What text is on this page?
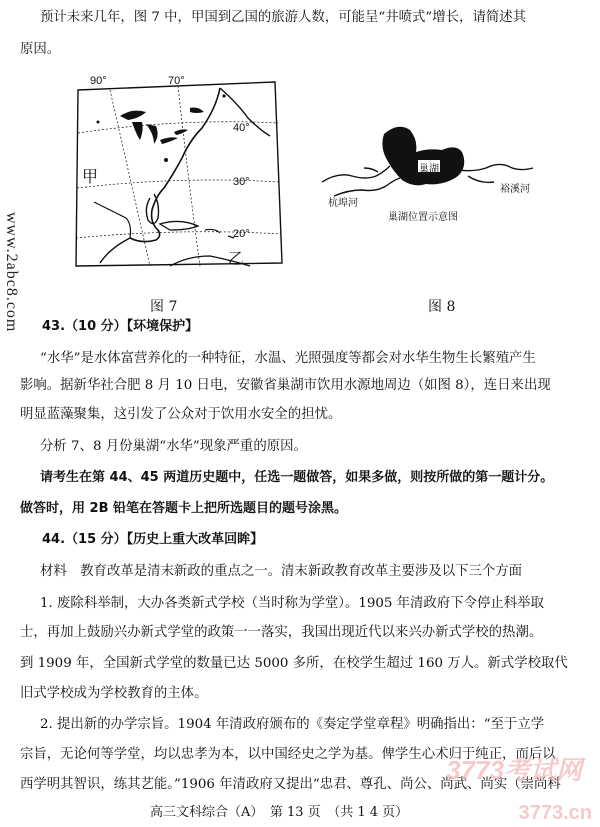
预计未来几年，图 7 中，甲国到乙国的旅游人数，可能呈“井喷式”增长，请简述其
原因。
90°	70°
40°
30°
20°
甲
乙
图 7
巢湖
杭埠河
裕溪河
巢湖位置示意图
图 8
www.2abc8.com 43.（10 分）【环境保护】
“水华”是水体富营养化的一种特征，水温、光照强度等都会对水华生物生长繁殖产生
影响。据新华社合肥 8 月 10 日电，安徽省巢湖市饮用水源地周边（如图 8），连日来出现
明显蓝藻聚集，这引发了公众对于饮用水安全的担忧。
分析 7、8 月份巢湖“水华”现象严重的原因。
请考生在第 44、45 两道历史题中，任选一题做答，如果多做，则按所做的第一题计分。
做答时，用 2B 铅笔在答题卡上把所选题目的题号涂黑。
44.（15 分）【历史上重大改革回眸】
材料　教育改革是清末新政的重点之一。清末新政教育改革主要涉及以下三个方面
1. 废除科举制，大办各类新式学校（当时称为学堂）。1905 年清政府下令停止科举取
士，再加上鼓励兴办新式学堂的政策一一落实，我国出现近代以来兴办新式学校的热潮。
到 1909 年，全国新式学堂的数量已达 5000 多所，在校学生超过 160 万人。新式学校取代
旧式学校成为学校教育的主体。
2. 提出新的办学宗旨。1904 年清政府颁布的《奏定学堂章程》明确指出：“至于立学
宗旨，无论何等学堂，均以忠孝为本，以中国经史之学为基。俾学生心术归于纯正，而后以
西学明其智识，练其艺能。”1906 年清政府又提出“忠君、尊孔、尚公、尚武、尚实（崇尚科
高三文科综合（A）　第 13 页　（共 1 4 页）
3773考试网
3773.cn
